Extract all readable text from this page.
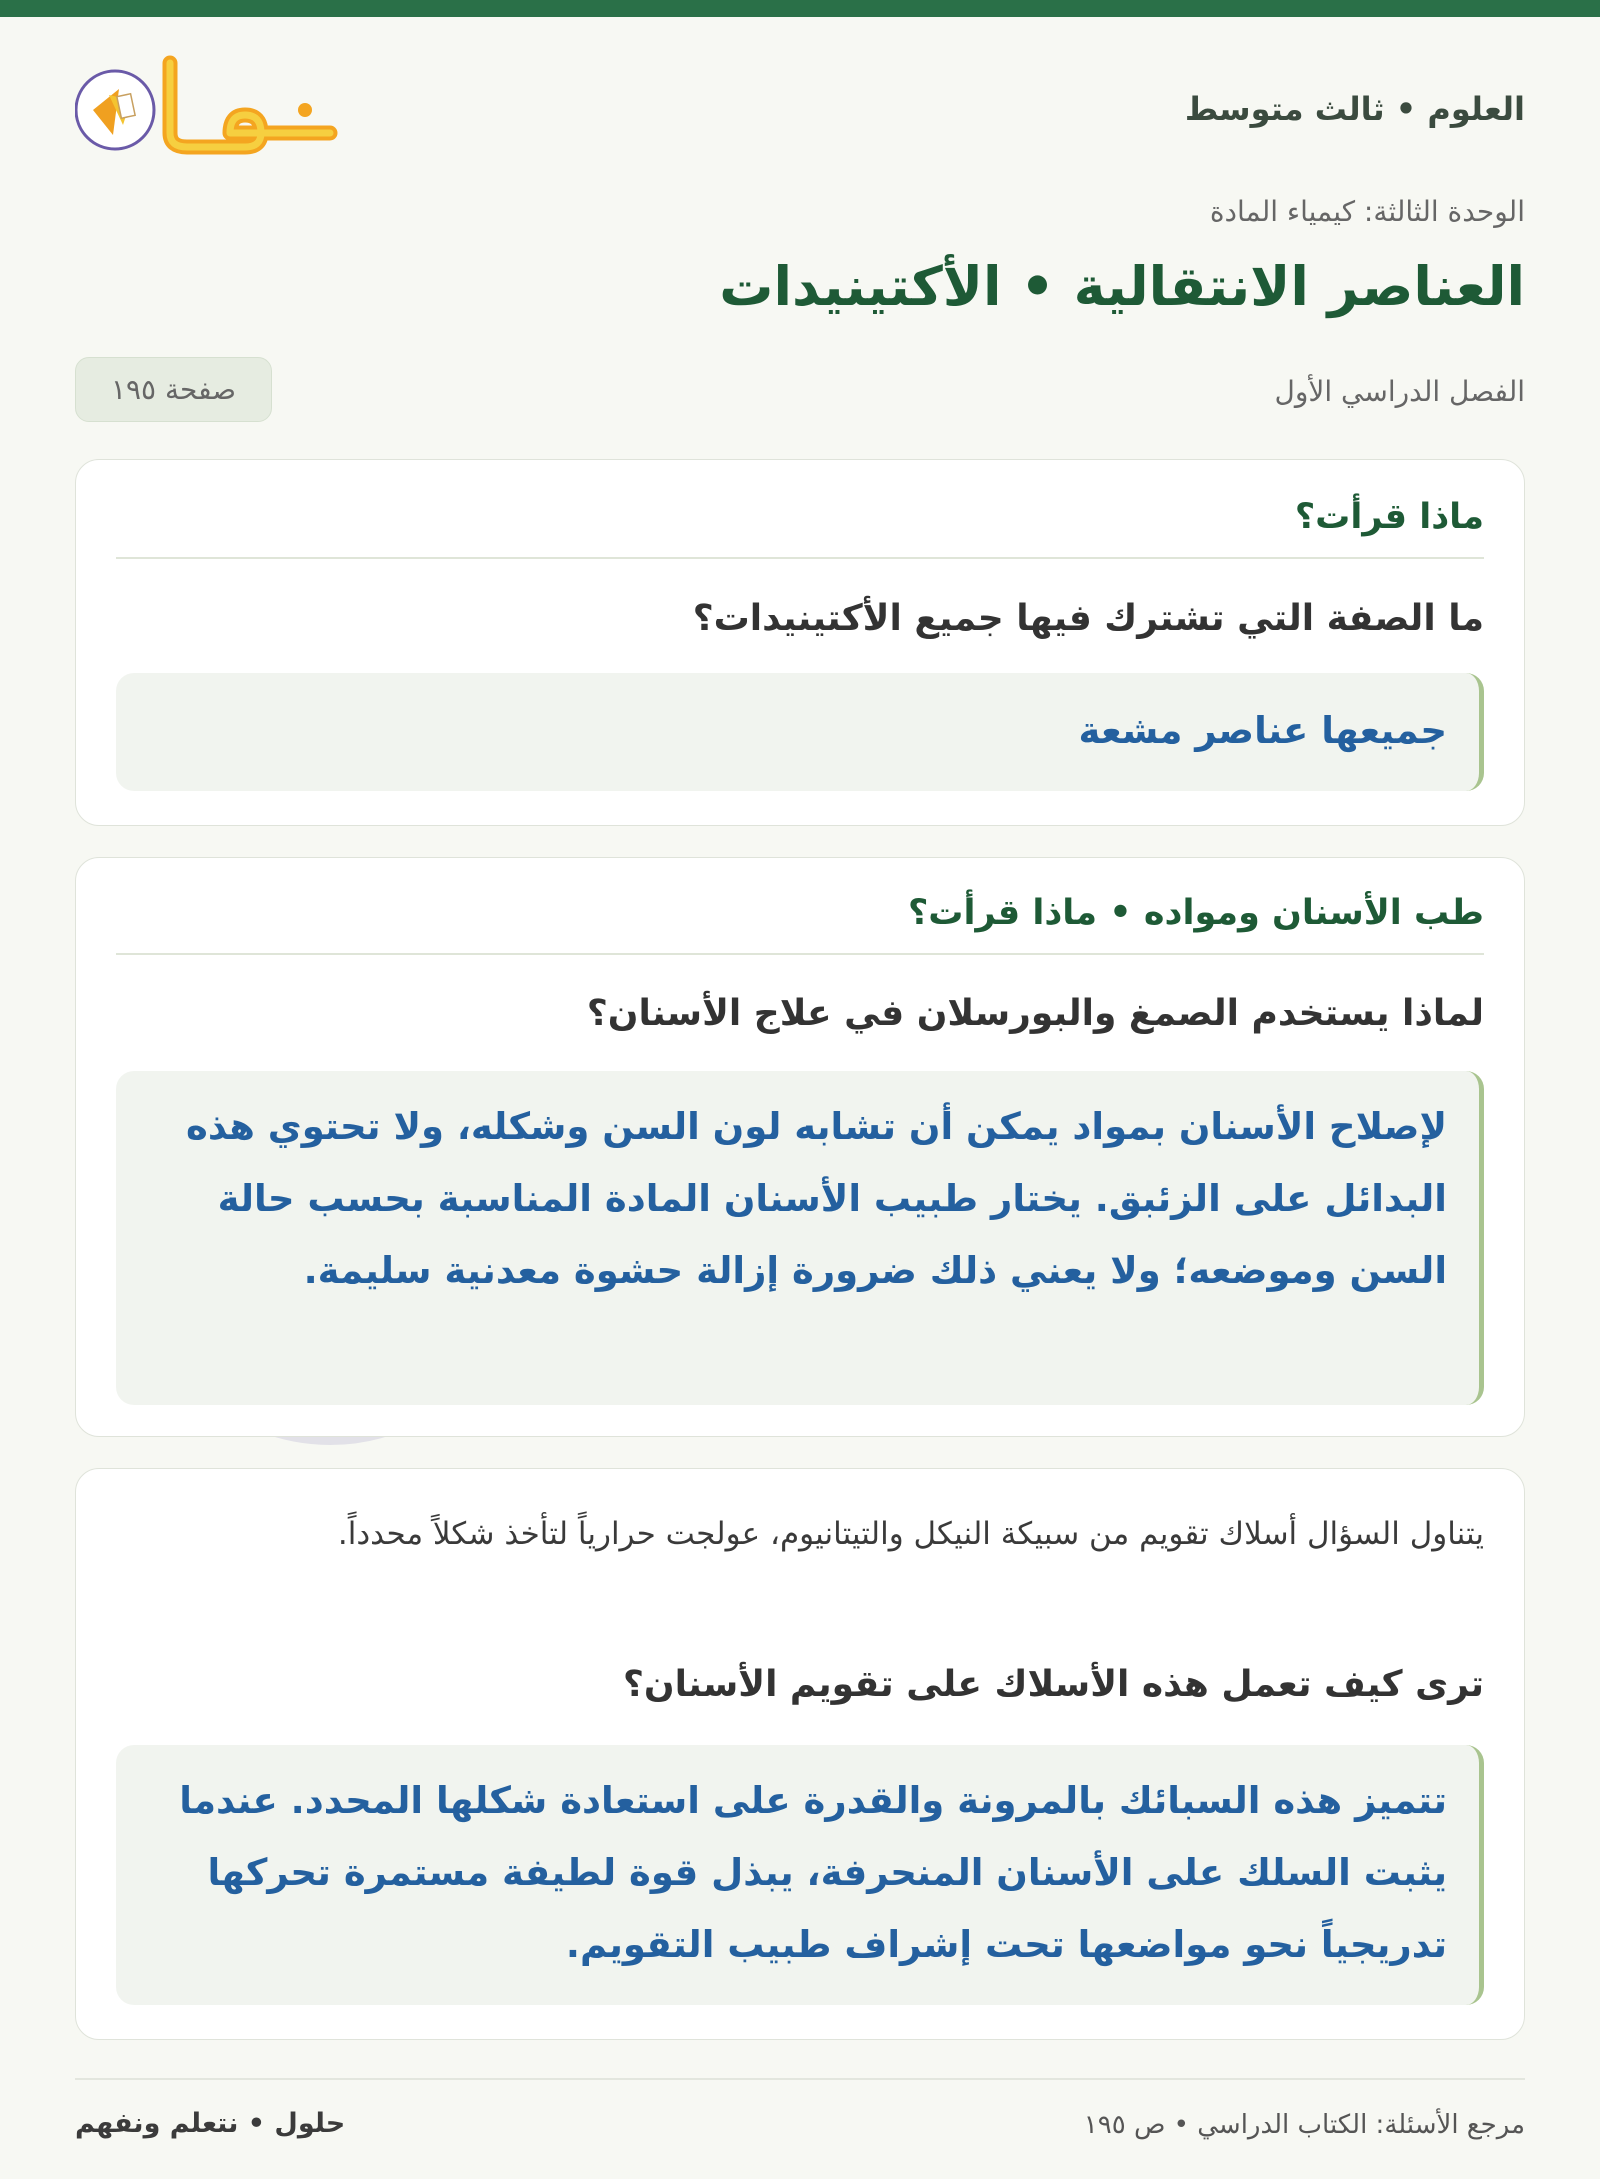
العلوم • ثالث متوسط
الوحدة الثالثة: كيمياء المادة
العناصر الانتقالية • الأكتينيدات
الفصل الدراسي الأول
صفحة ١٩٥
ماذا قرأت؟
ما الصفة التي تشترك فيها جميع الأكتينيدات؟
جميعها عناصر مشعة
طب الأسنان ومواده • ماذا قرأت؟
لماذا يستخدم الصمغ والبورسلان في علاج الأسنان؟
لإصلاح الأسنان بمواد يمكن أن تشابه لون السن وشكله، ولا تحتوي هذه البدائل على الزئبق. يختار طبيب الأسنان المادة المناسبة بحسب حالة السن وموضعه؛ ولا يعني ذلك ضرورة إزالة حشوة معدنية سليمة.
يتناول السؤال أسلاك تقويم من سبيكة النيكل والتيتانيوم، عولجت حرارياً لتأخذ شكلاً محدداً.
ترى كيف تعمل هذه الأسلاك على تقويم الأسنان؟
تتميز هذه السبائك بالمرونة والقدرة على استعادة شكلها المحدد. عندما يثبت السلك على الأسنان المنحرفة، يبذل قوة لطيفة مستمرة تحركها تدريجياً نحو مواضعها تحت إشراف طبيب التقويم.
مرجع الأسئلة: الكتاب الدراسي • ص ١٩٥
حلول • نتعلم ونفهم
